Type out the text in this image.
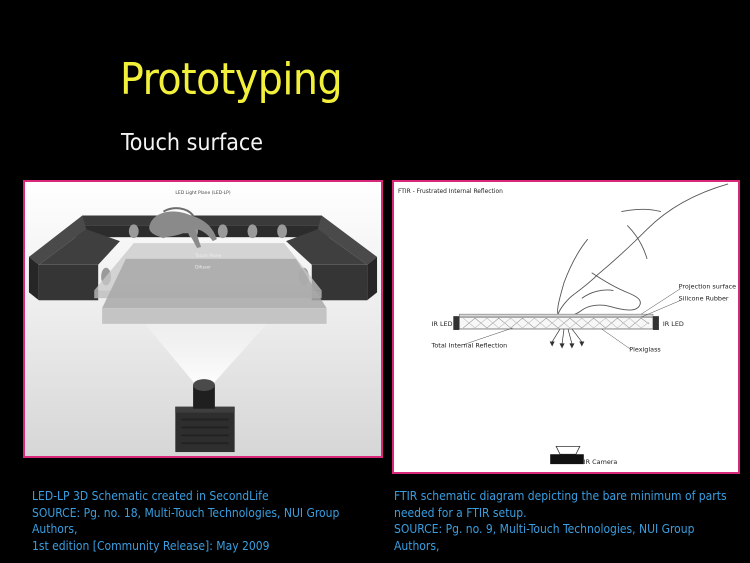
Prototyping
Touch surface
LED Light Plane (LED-LP)
Touch Plane
Difuser
FTIR - Frustrated Internal Reflection
Projection surface
Silicone Rubber
IR LED	IR LED
Total Internal Reflection	Plexiglass
IR Camera
LED-LP 3D Schematic created in SecondLife
SOURCE: Pg. no. 18, Multi-Touch Technologies, NUI Group Authors,
1st edition [Community Release]: May 2009
FTIR schematic diagram depicting the bare minimum of parts
needed for a FTIR setup.
SOURCE: Pg. no. 9, Multi-Touch Technologies, NUI Group
Authors,
